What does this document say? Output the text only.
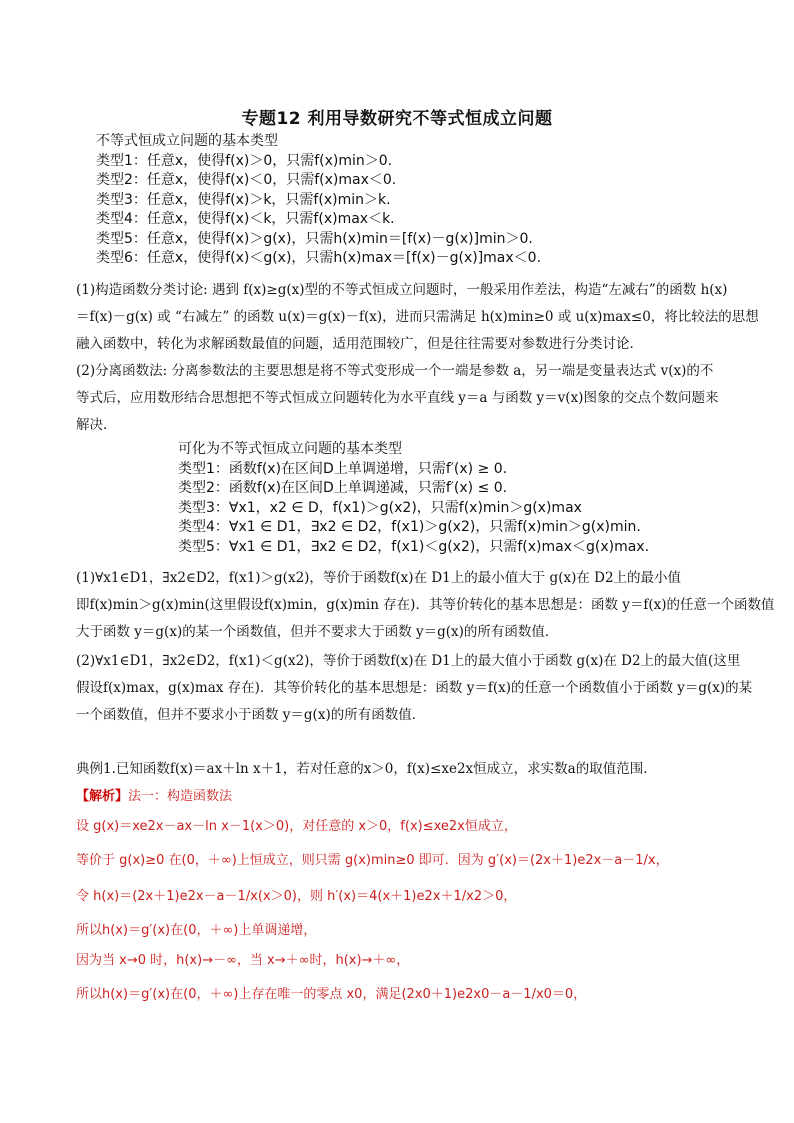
专题12 利用导数研究不等式恒成立问题
不等式恒成立问题的基本类型
类型1：任意x，使得f(x)＞0，只需f(x)min＞0.
类型2：任意x，使得f(x)＜0，只需f(x)max＜0.
类型3：任意x，使得f(x)＞k，只需f(x)min＞k.
类型4：任意x，使得f(x)＜k，只需f(x)max＜k.
类型5：任意x，使得f(x)＞g(x)，只需h(x)min＝[f(x)－g(x)]min＞0.
类型6：任意x，使得f(x)＜g(x)，只需h(x)max＝[f(x)－g(x)]max＜0.
(1)构造函数分类讨论: 遇到 f(x)≥g(x)型的不等式恒成立问题时，一般采用作差法，构造“左减右”的函数 h(x)
＝f(x)－g(x) 或 “右减左” 的函数 u(x)＝g(x)－f(x)，进而只需满足 h(x)min≥0 或 u(x)max≤0，将比较法的思想
融入函数中，转化为求解函数最值的问题，适用范围较广，但是往往需要对参数进行分类讨论．
(2)分离函数法: 分离参数法的主要思想是将不等式变形成一个一端是参数 a，另一端是变量表达式 v(x)的不
等式后，应用数形结合思想把不等式恒成立问题转化为水平直线 y＝a 与函数 y＝v(x)图象的交点个数问题来
解决．
可化为不等式恒成立问题的基本类型
类型1：函数f(x)在区间D上单调递增，只需f′(x) ≥ 0.
类型2：函数f(x)在区间D上单调递减，只需f′(x) ≤ 0.
类型3：∀x1，x2 ∈ D，f(x1)＞g(x2)，只需f(x)min＞g(x)max
类型4：∀x1 ∈ D1，∃x2 ∈ D2，f(x1)＞g(x2)，只需f(x)min＞g(x)min.
类型5：∀x1 ∈ D1，∃x2 ∈ D2，f(x1)＜g(x2)，只需f(x)max＜g(x)max.
(1)∀x1∈D1，∃x2∈D2，f(x1)＞g(x2)，等价于函数f(x)在 D1上的最小值大于 g(x)在 D2上的最小值
即f(x)min＞g(x)min(这里假设f(x)min，g(x)min 存在)．其等价转化的基本思想是：函数 y＝f(x)的任意一个函数值
大于函数 y＝g(x)的某一个函数值，但并不要求大于函数 y＝g(x)的所有函数值．
(2)∀x1∈D1，∃x2∈D2，f(x1)＜g(x2)，等价于函数f(x)在 D1上的最大值小于函数 g(x)在 D2上的最大值(这里
假设f(x)max，g(x)max 存在)．其等价转化的基本思想是：函数 y＝f(x)的任意一个函数值小于函数 y＝g(x)的某
一个函数值，但并不要求小于函数 y＝g(x)的所有函数值．
典例1.已知函数f(x)＝ax＋ln x＋1，若对任意的x＞0，f(x)≤xe2x恒成立，求实数a的取值范围．
【解析】法一：构造函数法
设 g(x)＝xe2x－ax－ln x－1(x＞0)，对任意的 x＞0，f(x)≤xe2x恒成立，
等价于 g(x)≥0 在(0，＋∞)上恒成立，则只需 g(x)min≥0 即可．因为 g′(x)＝(2x＋1)e2x－a－1/x，
令 h(x)＝(2x＋1)e2x－a－1/x(x＞0)，则 h′(x)＝4(x＋1)e2x＋1/x2＞0，
所以h(x)＝g′(x)在(0，＋∞)上单调递增，
因为当 x→0 时，h(x)→－∞，当 x→＋∞时，h(x)→＋∞，
所以h(x)＝g′(x)在(0，＋∞)上存在唯一的零点 x0，满足(2x0＋1)e2x0－a－1/x0＝0，
